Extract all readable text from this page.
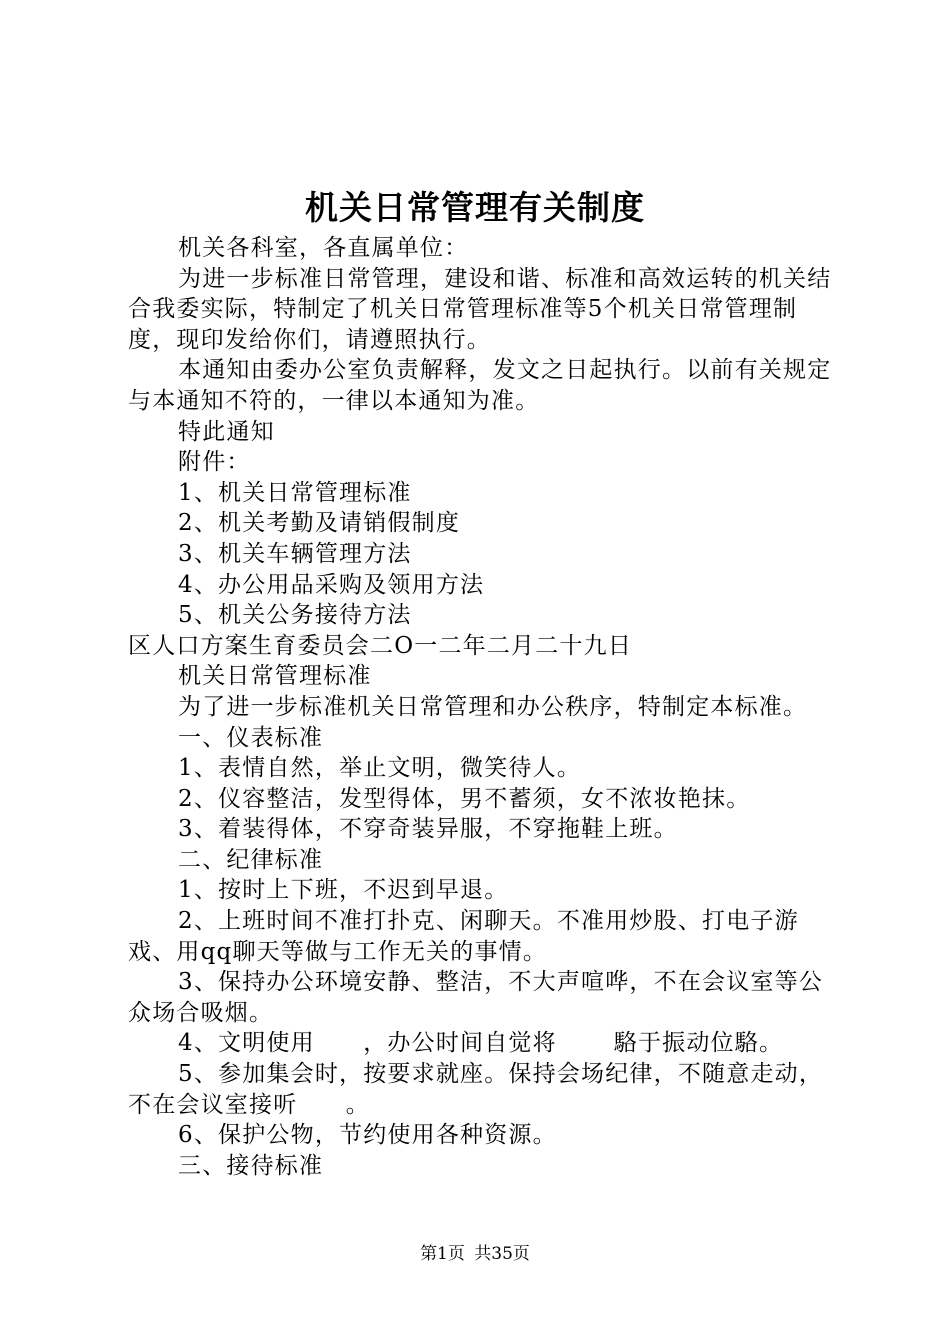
机关日常管理有关制度

机关各科室，各直属单位：

为进一步标准日常管理，建设和谐、标准和高效运转的机关结合我委实际，特制定了机关日常管理标准等5个机关日常管理制度，现印发给你们，请遵照执行。

本通知由委办公室负责解释，发文之日起执行。以前有关规定与本通知不符的，一律以本通知为准。

特此通知

附件：

1、机关日常管理标准

2、机关考勤及请销假制度

3、机关车辆管理方法

4、办公用品采购及领用方法

5、机关公务接待方法

区人口方案生育委员会二O一二年二月二十九日

机关日常管理标准

为了进一步标准机关日常管理和办公秩序，特制定本标准。

一、仪表标准

1、表情自然，举止文明，微笑待人。

2、仪容整洁，发型得体，男不蓄须，女不浓妆艳抹。

3、着装得体，不穿奇装异服，不穿拖鞋上班。

二、纪律标准

1、按时上下班，不迟到早退。

2、上班时间不准打扑克、闲聊天。不准用炒股、打电子游戏、用qq聊天等做与工作无关的事情。

3、保持办公环境安静、整洁，不大声喧哗，不在会议室等公众场合吸烟。

4、文明使用　　，办公时间自觉将　　 駱于振动位駱。

5、参加集会时，按要求就座。保持会场纪律，不随意走动，不在会议室接听　　。

6、保护公物，节约使用各种资源。

三、接待标准

第1页 共35页
